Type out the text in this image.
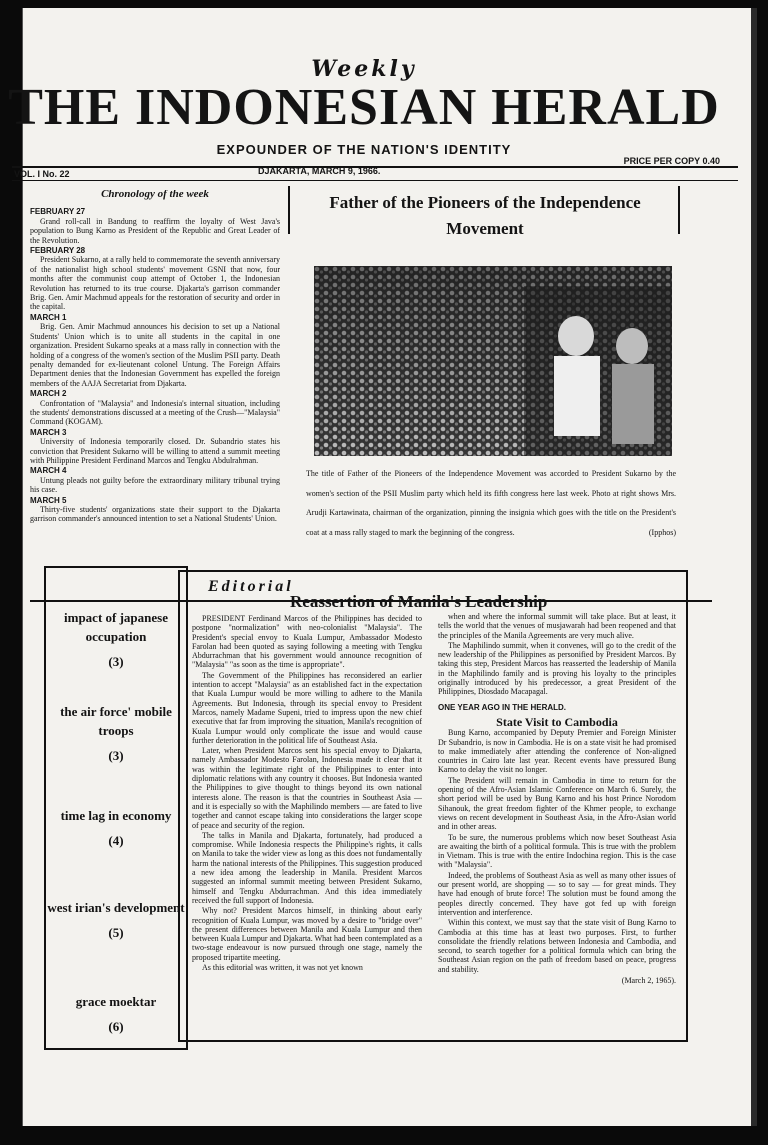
Weekly
THE INDONESIAN HERALD
EXPOUNDER OF THE NATION'S IDENTITY
PRICE PER COPY 0.40
VOL. I No. 22	DJAKARTA, MARCH 9, 1966.
Chronology of the week
FEBRUARY 27
Grand roll-call in Bandung to reaffirm the loyalty of West Java's population to Bung Karno as President of the Republic and Great Leader of the Revolution.
FEBRUARY 28
President Sukarno, at a rally held to commemorate the seventh anniversary of the nationalist high school students' movement GSNI that now, four months after the communist coup attempt of October 1, the Indonesian Revolution has returned to its true course. Djakarta's garrison commander Brig. Gen. Amir Machmud appeals for the restoration of security and order in the capital.
MARCH 1
Brig. Gen. Amir Machmud announces his decision to set up a National Students' Union which is to unite all students in the capital in one organization. President Sukarno speaks at a mass rally in connection with the holding of a congress of the women's section of the Muslim PSII party. Death penalty demanded for ex-lieutenant colonel Untung. The Foreign Affairs Department denies that the Indonesian Government has expelled the foreign members of the AAJA Secretariat from Djakarta.
MARCH 2
Confrontation of "Malaysia" and Indonesia's internal situation, including the students' demonstrations discussed at a meeting of the Crush—"Malaysia" Command (KOGAM).
MARCH 3
University of Indonesia temporarily closed. Dr. Subandrio states his conviction that President Sukarno will be willing to attend a summit meeting with Philippine President Ferdinand Marcos and Tengku Abdulrahman.
MARCH 4
Untung pleads not guilty before the extraordinary military tribunal trying his case.
MARCH 5
Thirty-five students' organizations state their support to the Djakarta garrison commander's announced intention to set a National Students' Union.
Father of the Pioneers of the Independence Movement
The title of Father of the Pioneers of the Independence Movement was accorded to President Sukarno by the women's section of the PSII Muslim party which held its fifth congress here last week. Photo at right shows Mrs. Arudji Kartawinata, chairman of the organization, pinning the insignia which goes with the title on the President's coat at a mass rally staged to mark the beginning of the congress.	(Ipphos)
impact of japanese occupation
(3)
the air force' mobile troops
(3)
time lag in economy
(4)
west irian's development
(5)
grace moektar
(6)
Editorial
Reassertion of Manila's Leadership

PRESIDENT Ferdinand Marcos of the Philippines has decided to postpone "normalization" with neo-colonialist "Malaysia". The President's special envoy to Kuala Lumpur, Ambassador Modesto Farolan had been quoted as saying following a meeting with Tengku Abdurrachman that his government would announce recognition of "Malaysia" "as soon as the time is appropriate".

The Government of the Philippines has reconsidered an earlier intention to accept "Malaysia" as an established fact in the expectation that Kuala Lumpur would be more willing to adhere to the Manila Agreements. But Indonesia, through its special envoy to President Marcos, namely Madame Supeni, tried to impress upon the new chief executive that far from improving the situation, Manila's recognition of Kuala Lumpur would only complicate the issue and would cause further deterioration in the political life of Southeast Asia.

Later, when President Marcos sent his special envoy to Djakarta, namely Ambassador Modesto Farolan, Indonesia made it clear that it was within the legitimate right of the Philippines to enter into diplomatic relations with any country it chooses. But Indonesia wanted the Philippines to give thought to things beyond its own national interests alone. The reason is that the countries in Southeast Asia — and it is especially so with the Maphilindo members — are fated to live together and cannot escape taking into considerations the larger scope of peace and security of the region.

The talks in Manila and Djakarta, fortunately, had produced a compromise. While Indonesia respects the Philippine's rights, it calls on Manila to take the wider view as long as this does not fundamentally harm the national interests of the Philippines. This suggestion produced a new idea among the leadership in Manila. President Marcos suggested an informal summit meeting between President Sukarno, himself and Tengku Abdurrachman. And this idea immediately received the full support of Indonesia.

Why not? President Marcos himself, in thinking about early recognition of Kuala Lumpur, was moved by a desire to "bridge over" the present differences between Manila and Kuala Lumpur and then between Kuala Lumpur and Djakarta. What had been contemplated as a two-stage endeavour is now pursued through one stage, namely the proposed tripartite meeting.

As this editorial was written, it was not yet known

when and where the informal summit will take place. But at least, it tells the world that the venues of musjawarah had been reopened and that the principles of the Manila Agreements are very much alive.

The Maphilindo summit, when it convenes, will go to the credit of the new leadership of the Philippines as personified by President Marcos. By taking this step, President Marcos has reasserted the leadership of Manila in the Maphilindo family and is proving his loyalty to the principles originally introduced by his predecessor, a great President of the Philippines, Diosdado Macapagal.

ONE YEAR AGO IN THE HERALD.

State Visit to Cambodia

Bung Karno, accompanied by Deputy Premier and Foreign Minister Dr Subandrio, is now in Cambodia. He is on a state visit he had promised to make immediately after attending the conference of Non-aligned countries in Cairo late last year. Recent events have pressured Bung Karno to delay the visit no longer.

The President will remain in Cambodia in time to return for the opening of the Afro-Asian Islamic Conference on March 6. Surely, the short period will be used by Bung Karno and his host Prince Norodom Sihanouk, the great freedom fighter of the Khmer people, to exchange views on recent development in Southeast Asia, in the Afro-Asian world and in other areas.

To be sure, the numerous problems which now beset Southeast Asia are awaiting the birth of a political formula. This is true with the problem in Vietnam. This is true with the entire Indochina region. This is the case with "Malaysia".

Indeed, the problems of Southeast Asia as well as many other issues of our present world, are shopping — so to say — for great minds. They have had enough of brute force! The solution must be found among the peoples directly concerned. They have got fed up with foreign intervention and interference.

Within this context, we must say that the state visit of Bung Karno to Cambodia at this time has at least two purposes. First, to further consolidate the friendly relations between Indonesia and Cambodia, and second, to search together for a political formula which can bring the Southeast Asian region on the path of freedom based on peace, progress and stability.

(March 2, 1965).
